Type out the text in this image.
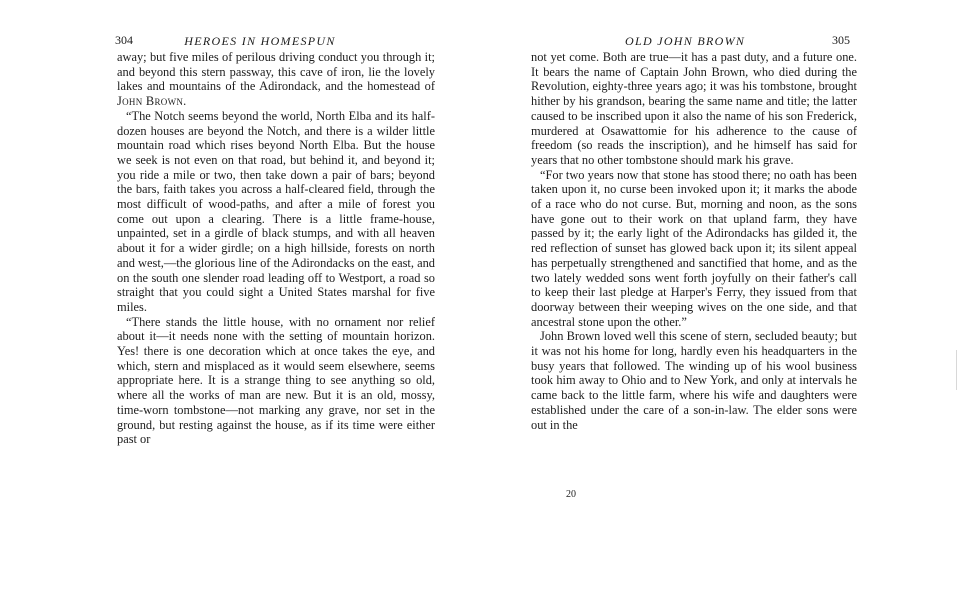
304	HEROES IN HOMESPUN

away; but five miles of perilous driving conduct you through it; and beyond this stern passway, this cave of iron, lie the lovely lakes and mountains of the Adirondack, and the homestead of John Brown.

“The Notch seems beyond the world, North Elba and its half-dozen houses are beyond the Notch, and there is a wilder little mountain road which rises beyond North Elba. But the house we seek is not even on that road, but behind it, and beyond it; you ride a mile or two, then take down a pair of bars; beyond the bars, faith takes you across a half-cleared field, through the most difficult of wood-paths, and after a mile of forest you come out upon a clearing. There is a little frame-house, unpainted, set in a girdle of black stumps, and with all heaven about it for a wider girdle; on a high hillside, forests on north and west,—the glorious line of the Adirondacks on the east, and on the south one slender road leading off to Westport, a road so straight that you could sight a United States marshal for five miles.

“There stands the little house, with no ornament nor relief about it—it needs none with the setting of mountain horizon. Yes! there is one decoration which at once takes the eye, and which, stern and misplaced as it would seem elsewhere, seems appropriate here. It is a strange thing to see anything so old, where all the works of man are new. But it is an old, mossy, time-worn tombstone—not marking any grave, nor set in the ground, but resting against the house, as if its time were either past or

OLD JOHN BROWN	305

not yet come. Both are true—it has a past duty, and a future one. It bears the name of Captain John Brown, who died during the Revolution, eighty-three years ago; it was his tombstone, brought hither by his grandson, bearing the same name and title; the latter caused to be inscribed upon it also the name of his son Frederick, murdered at Osawattomie for his adherence to the cause of freedom (so reads the inscription), and he himself has said for years that no other tombstone should mark his grave.

“For two years now that stone has stood there; no oath has been taken upon it, no curse been invoked upon it; it marks the abode of a race who do not curse. But, morning and noon, as the sons have gone out to their work on that upland farm, they have passed by it; the early light of the Adirondacks has gilded it, the red reflection of sunset has glowed back upon it; its silent appeal has perpetually strengthened and sanctified that home, and as the two lately wedded sons went forth joyfully on their father's call to keep their last pledge at Harper's Ferry, they issued from that doorway between their weeping wives on the one side, and that ancestral stone upon the other.”

John Brown loved well this scene of stern, secluded beauty; but it was not his home for long, hardly even his headquarters in the busy years that followed. The winding up of his wool business took him away to Ohio and to New York, and only at intervals he came back to the little farm, where his wife and daughters were established under the care of a son-in-law. The elder sons were out in the

20
